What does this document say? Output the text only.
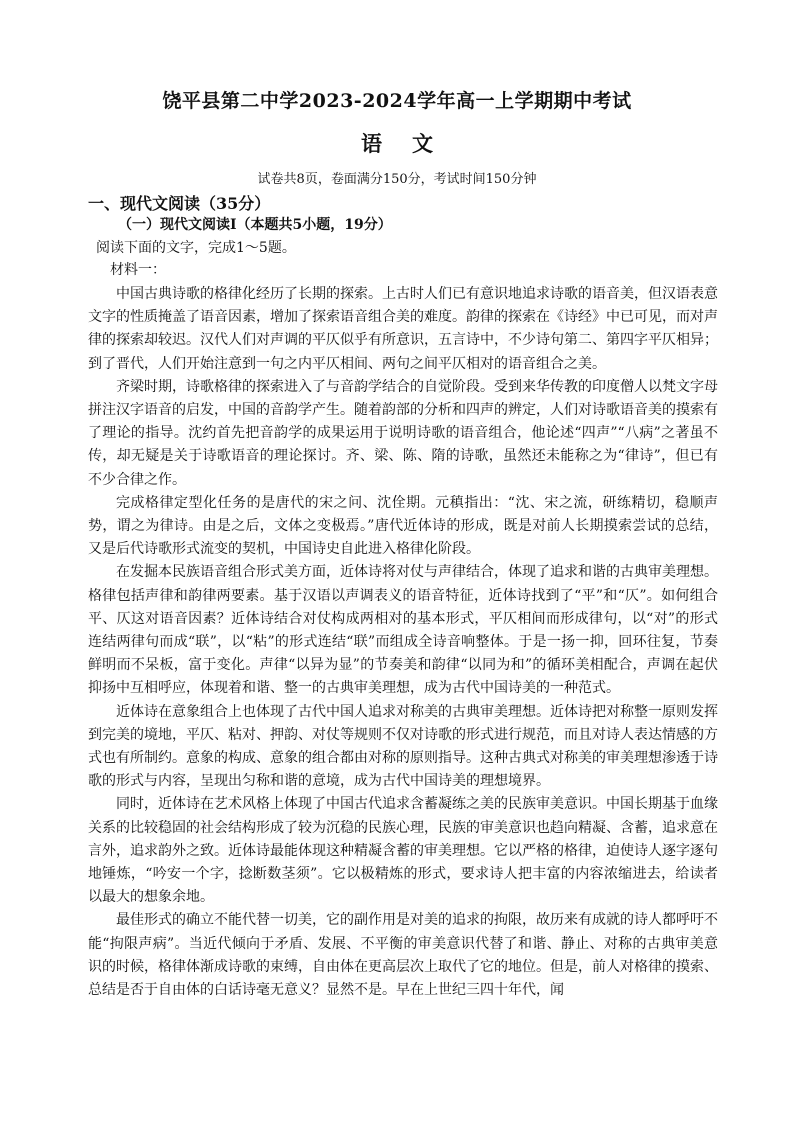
饶平县第二中学2023-2024学年高一上学期期中考试
语文
试卷共8页，卷面满分150分，考试时间150分钟
一、现代文阅读（35分）
（一）现代文阅读Ⅰ（本题共5小题，19分）
阅读下面的文字，完成1～5题。
材料一：

中国古典诗歌的格律化经历了长期的探索。上古时人们已有意识地追求诗歌的语音美，但汉语表意文字的性质掩盖了语音因素，增加了探索语音组合美的难度。韵律的探索在《诗经》中已可见，而对声律的探索却较迟。汉代人们对声调的平仄似乎有所意识，五言诗中，不少诗句第二、第四字平仄相异；到了晋代，人们开始注意到一句之内平仄相间、两句之间平仄相对的语音组合之美。

齐梁时期，诗歌格律的探索进入了与音韵学结合的自觉阶段。受到来华传教的印度僧人以梵文字母拼注汉字语音的启发，中国的音韵学产生。随着韵部的分析和四声的辨定，人们对诗歌语音美的摸索有了理论的指导。沈约首先把音韵学的成果运用于说明诗歌的语音组合，他论述“四声”“八病”之著虽不传，却无疑是关于诗歌语音的理论探讨。齐、梁、陈、隋的诗歌，虽然还未能称之为“律诗”，但已有不少合律之作。

完成格律定型化任务的是唐代的宋之问、沈佺期。元稹指出：“沈、宋之流，研练精切，稳顺声势，谓之为律诗。由是之后，文体之变极焉。”唐代近体诗的形成，既是对前人长期摸索尝试的总结，又是后代诗歌形式流变的契机，中国诗史自此进入格律化阶段。

在发掘本民族语音组合形式美方面，近体诗将对仗与声律结合，体现了追求和谐的古典审美理想。格律包括声律和韵律两要素。基于汉语以声调表义的语音特征，近体诗找到了“平”和“仄”。如何组合平、仄这对语音因素？近体诗结合对仗构成两相对的基本形式，平仄相间而形成律句，以“对”的形式连结两律句而成“联”，以“粘”的形式连结“联”而组成全诗音响整体。于是一扬一抑，回环往复，节奏鲜明而不呆板，富于变化。声律“以异为显”的节奏美和韵律“以同为和”的循环美相配合，声调在起伏抑扬中互相呼应，体现着和谐、整一的古典审美理想，成为古代中国诗美的一种范式。

近体诗在意象组合上也体现了古代中国人追求对称美的古典审美理想。近体诗把对称整一原则发挥到完美的境地，平仄、粘对、押韵、对仗等规则不仅对诗歌的形式进行规范，而且对诗人表达情感的方式也有所制约。意象的构成、意象的组合都由对称的原则指导。这种古典式对称美的审美理想渗透于诗歌的形式与内容，呈现出匀称和谐的意境，成为古代中国诗美的理想境界。

同时，近体诗在艺术风格上体现了中国古代追求含蓄凝练之美的民族审美意识。中国长期基于血缘关系的比较稳固的社会结构形成了较为沉稳的民族心理，民族的审美意识也趋向精凝、含蓄，追求意在言外，追求韵外之致。近体诗最能体现这种精凝含蓄的审美理想。它以严格的格律，迫使诗人逐字逐句地锤炼，“吟安一个字，捻断数茎须”。它以极精炼的形式，要求诗人把丰富的内容浓缩进去，给读者以最大的想象余地。

最佳形式的确立不能代替一切美，它的副作用是对美的追求的拘限，故历来有成就的诗人都呼吁不能“拘限声病”。当近代倾向于矛盾、发展、不平衡的审美意识代替了和谐、静止、对称的古典审美意识的时候，格律体渐成诗歌的束缚，自由体在更高层次上取代了它的地位。但是，前人对格律的摸索、总结是否于自由体的白话诗毫无意义？显然不是。早在上世纪三四十年代，闻
